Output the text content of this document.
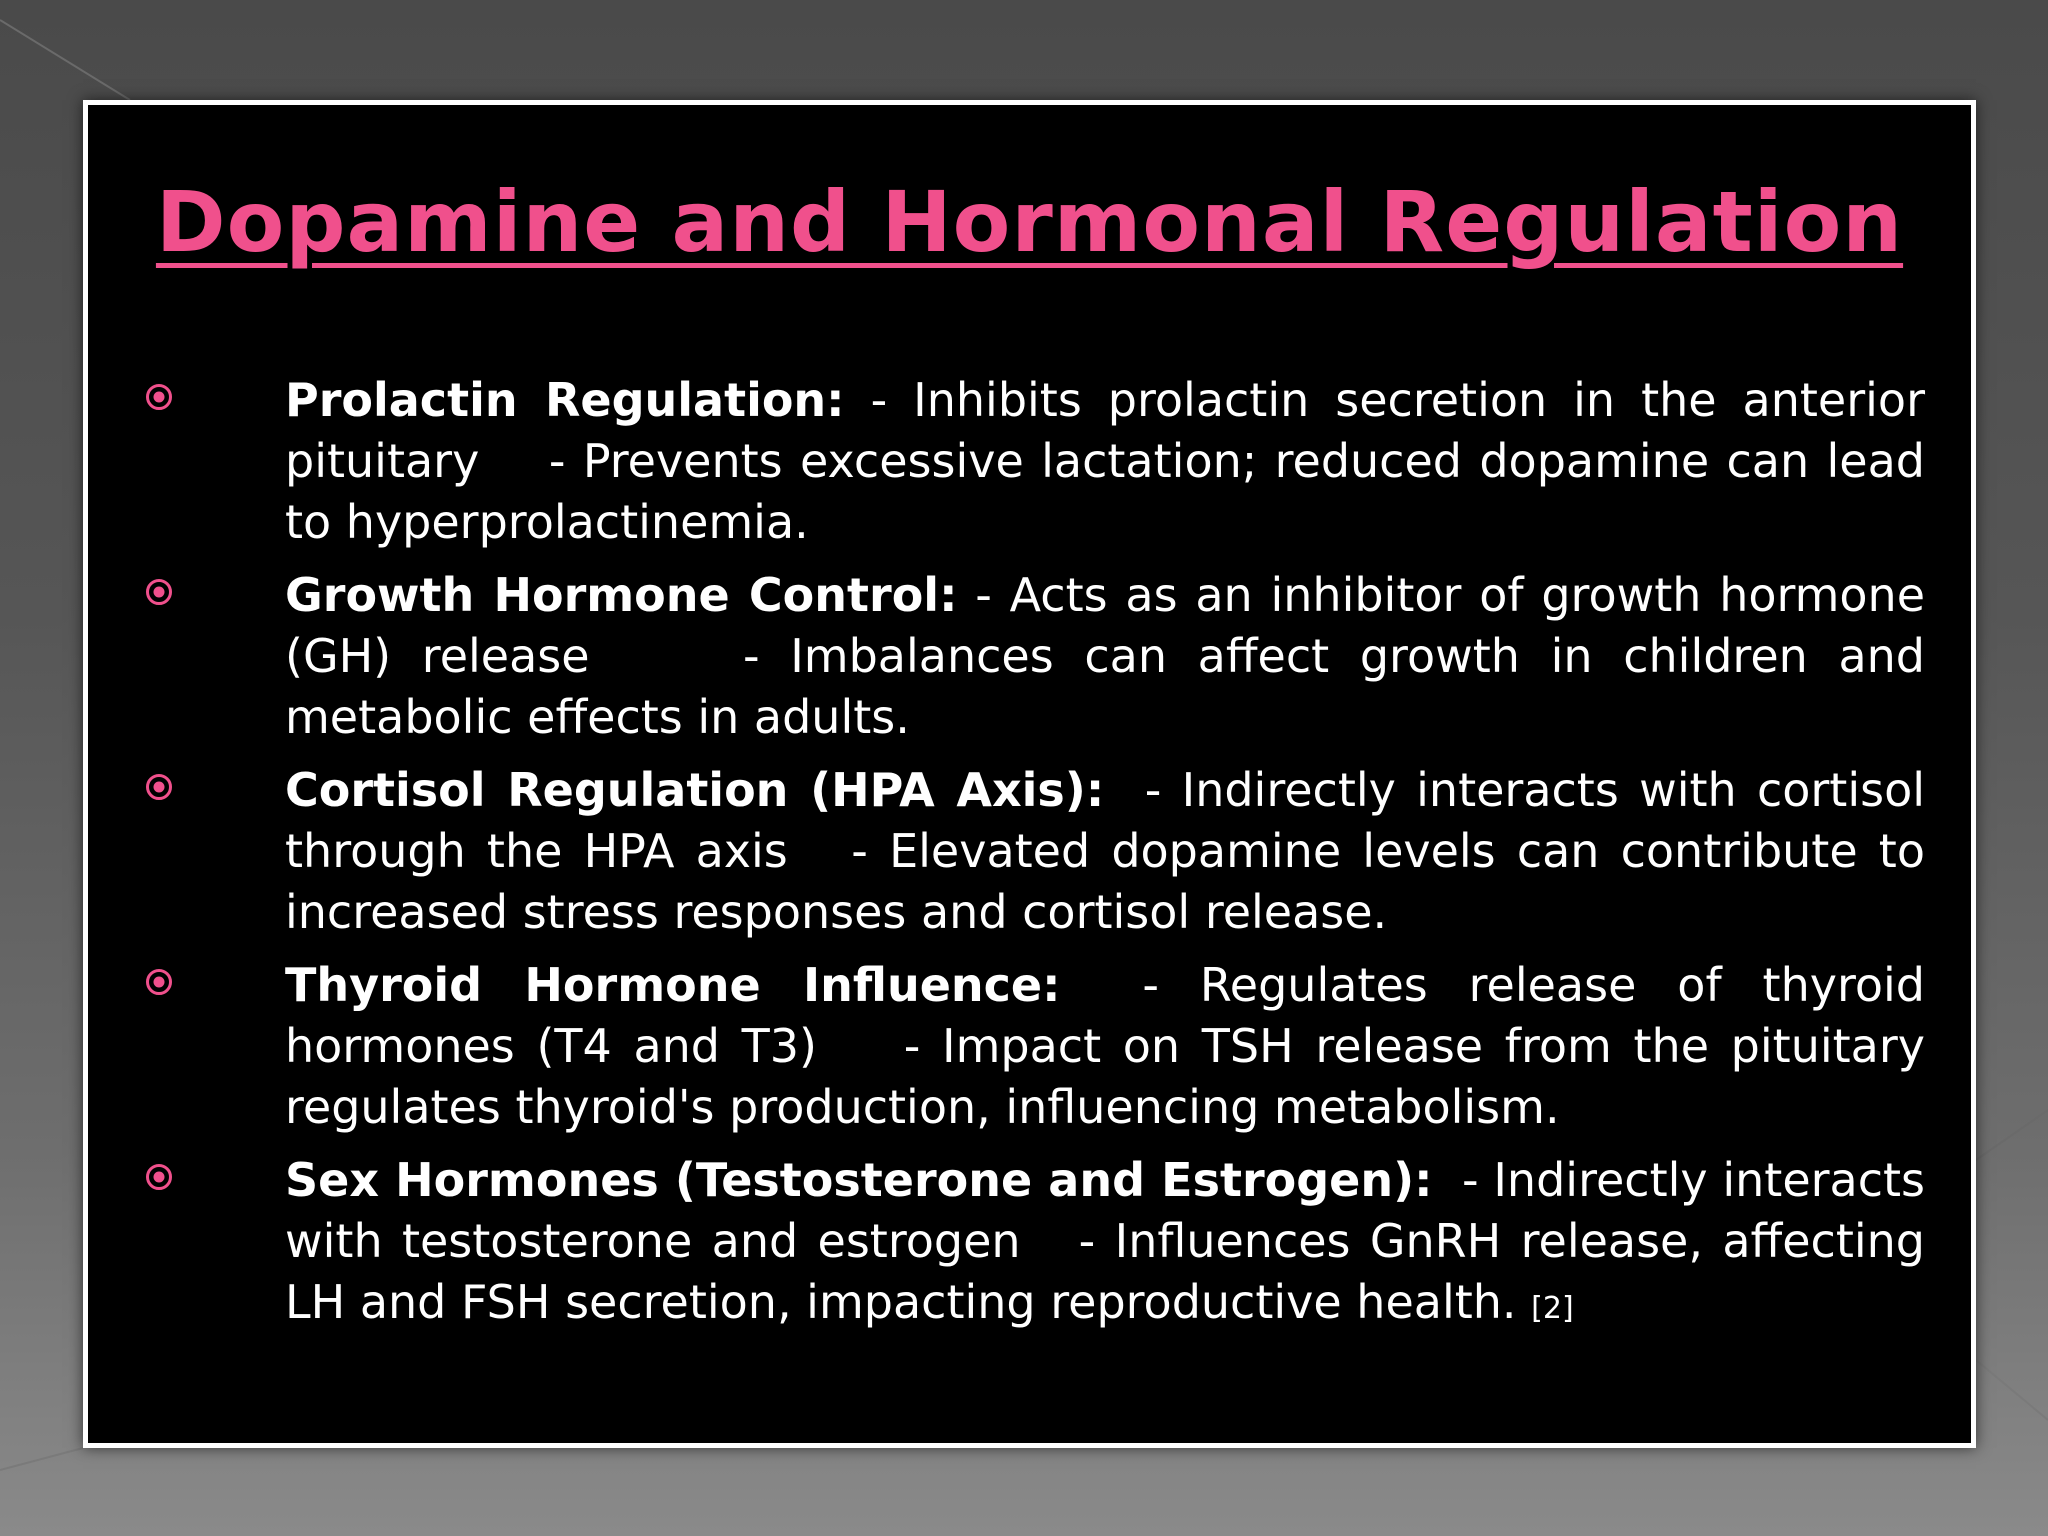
Dopamine and Hormonal Regulation
Prolactin Regulation: - Inhibits prolactin secretion in the anterior pituitary    - Prevents excessive lactation; reduced dopamine can lead to hyperprolactinemia.
Growth Hormone Control: - Acts as an inhibitor of growth hormone (GH) release     - Imbalances can affect growth in children and metabolic effects in adults.
Cortisol Regulation (HPA Axis):  - Indirectly interacts with cortisol through the HPA axis   - Elevated dopamine levels can contribute to increased stress responses and cortisol release.
Thyroid Hormone Influence:  - Regulates release of thyroid hormones (T4 and T3)    - Impact on TSH release from the pituitary regulates thyroid's production, influencing metabolism.
Sex Hormones (Testosterone and Estrogen):  - Indirectly interacts with testosterone and estrogen   - Influences GnRH release, affecting LH and FSH secretion, impacting reproductive health. [2]
